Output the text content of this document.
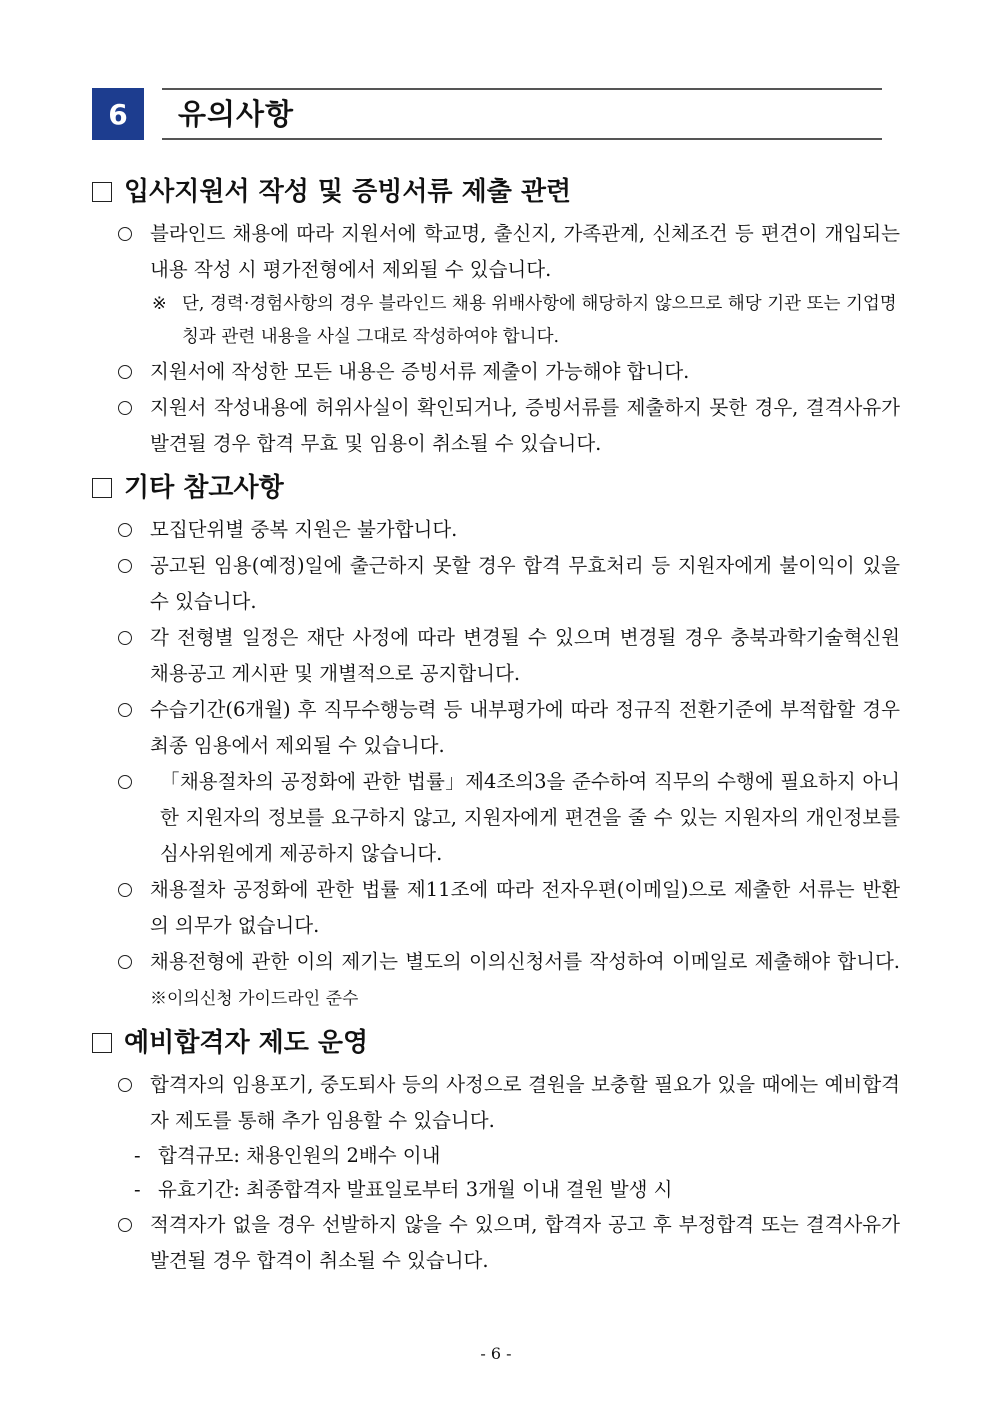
6	유의사항
입사지원서 작성 및 증빙서류 제출 관련
블라인드 채용에 따라 지원서에 학교명, 출신지, 가족관계, 신체조건 등 편견이 개입되는 내용 작성 시 평가전형에서 제외될 수 있습니다.
※ 단, 경력·경험사항의 경우 블라인드 채용 위배사항에 해당하지 않으므로 해당 기관 또는 기업명칭과 관련 내용을 사실 그대로 작성하여야 합니다.
지원서에 작성한 모든 내용은 증빙서류 제출이 가능해야 합니다.
지원서 작성내용에 허위사실이 확인되거나, 증빙서류를 제출하지 못한 경우, 결격사유가 발견될 경우 합격 무효 및 임용이 취소될 수 있습니다.
기타 참고사항
모집단위별 중복 지원은 불가합니다.
공고된 임용(예정)일에 출근하지 못할 경우 합격 무효처리 등 지원자에게 불이익이 있을 수 있습니다.
각 전형별 일정은 재단 사정에 따라 변경될 수 있으며 변경될 경우 충북과학기술혁신원 채용공고 게시판 및 개별적으로 공지합니다.
수습기간(6개월) 후 직무수행능력 등 내부평가에 따라 정규직 전환기준에 부적합할 경우 최종 임용에서 제외될 수 있습니다.
「채용절차의 공정화에 관한 법률」제4조의3을 준수하여 직무의 수행에 필요하지 아니한 지원자의 정보를 요구하지 않고, 지원자에게 편견을 줄 수 있는 지원자의 개인정보를 심사위원에게 제공하지 않습니다.
채용절차 공정화에 관한 법률 제11조에 따라 전자우편(이메일)으로 제출한 서류는 반환의 의무가 없습니다.
채용전형에 관한 이의 제기는 별도의 이의신청서를 작성하여 이메일로 제출해야 합니다. ※이의신청 가이드라인 준수
예비합격자 제도 운영
합격자의 임용포기, 중도퇴사 등의 사정으로 결원을 보충할 필요가 있을 때에는 예비합격자 제도를 통해 추가 임용할 수 있습니다.
- 합격규모: 채용인원의 2배수 이내
- 유효기간: 최종합격자 발표일로부터 3개월 이내 결원 발생 시
적격자가 없을 경우 선발하지 않을 수 있으며, 합격자 공고 후 부정합격 또는 결격사유가 발견될 경우 합격이 취소될 수 있습니다.
- 6 -
